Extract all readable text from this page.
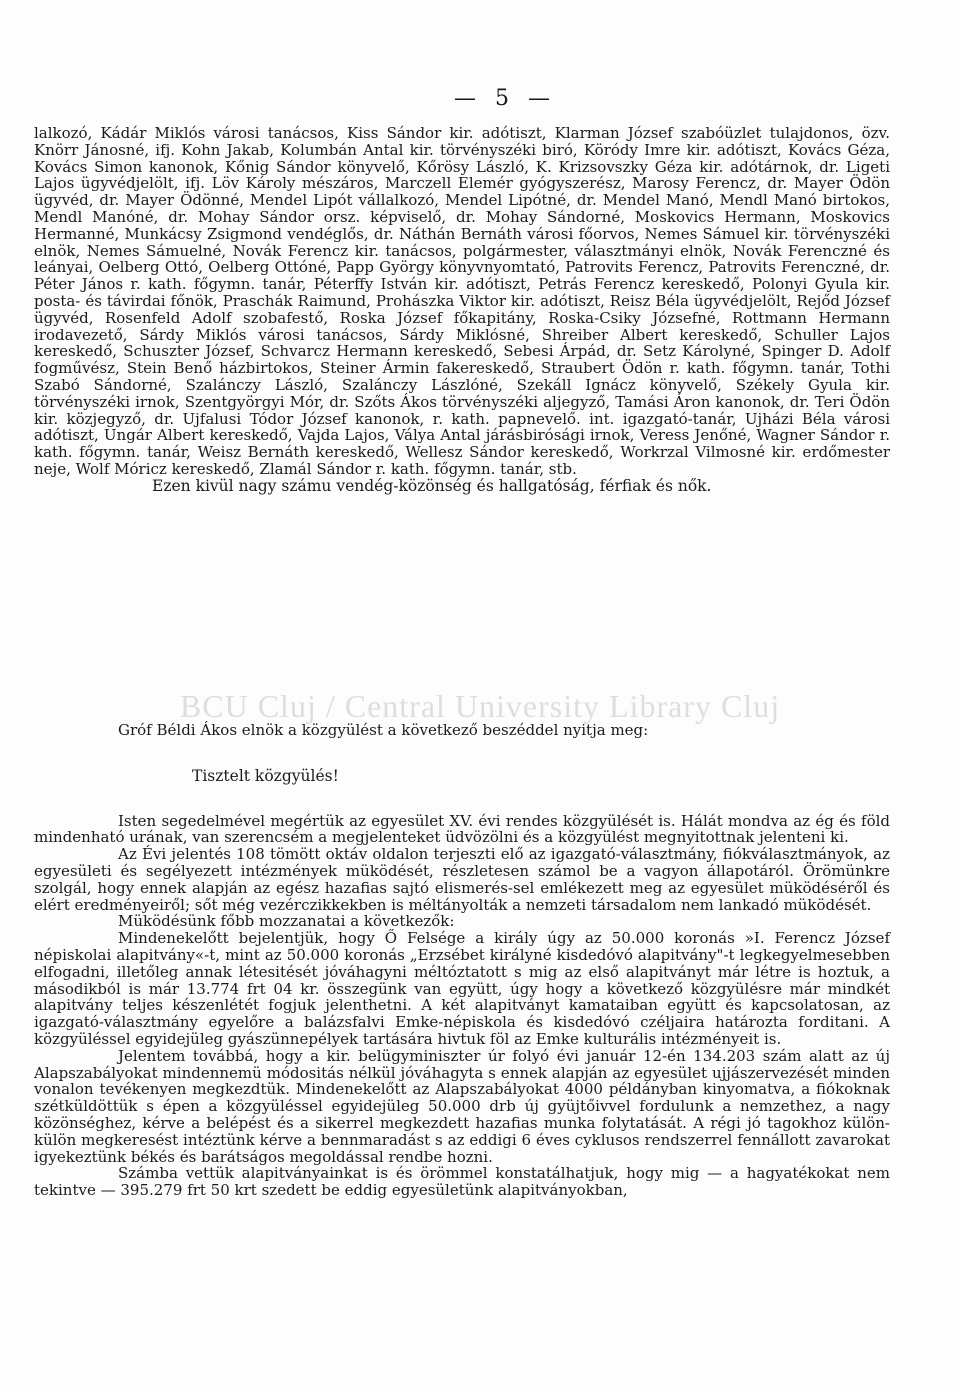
— 5 —

lalkozó, Kádár Miklós városi tanácsos, Kiss Sándor kir. adótiszt, Klarman József szabóüzlet tulajdonos, özv. Knörr Jánosné, ifj. Kohn Jakab, Kolumbán Antal kir. törvényszéki biró, Köródy Imre kir. adótiszt, Kovács Géza, Kovács Simon kanonok, Kőnig Sándor könyvelő, Kőrösy László, K. Krizsovszky Géza kir. adótárnok, dr. Ligeti Lajos ügyvédjelölt, ifj. Löv Károly mészáros, Marczell Elemér gyógyszerész, Marosy Ferencz, dr. Mayer Ödön ügyvéd, dr. Mayer Ödönné, Mendel Lipót vállalkozó, Mendel Lipótné, dr. Mendel Manó, Mendl Manó birtokos, Mendl Manóné, dr. Mohay Sándor orsz. képviselő, dr. Mohay Sándorné, Moskovics Hermann, Moskovics Hermanné, Munkácsy Zsigmond vendéglős, dr. Náthán Bernáth városi főorvos, Nemes Sámuel kir. törvényszéki elnök, Nemes Sámuelné, Novák Ferencz kir. tanácsos, polgármester, választmányi elnök, Novák Ferenczné és leányai, Oelberg Ottó, Oelberg Ottóné, Papp György könyvnyomtató, Patrovits Ferencz, Patrovits Ferenczné, dr. Péter János r. kath. főgymn. tanár, Péterffy István kir. adótiszt, Petrás Ferencz kereskedő, Polonyi Gyula kir. posta- és távirdai főnök, Praschák Raimund, Prohászka Viktor kir. adótiszt, Reisz Béla ügyvédjelölt, Rejőd József ügyvéd, Rosenfeld Adolf szobafestő, Roska József főkapitány, Roska-Csiky Józsefné, Rottmann Hermann irodavezető, Sárdy Miklós városi tanácsos, Sárdy Miklósné, Shreiber Albert kereskedő, Schuller Lajos kereskedő, Schuszter József, Schvarcz Hermann kereskedő, Sebesi Árpád, dr. Setz Károlyné, Spinger D. Adolf fogművész, Stein Benő házbirtokos, Steiner Ármin fakereskedő, Straubert Ödön r. kath. főgymn. tanár, Tothi Szabó Sándorné, Szalánczy László, Szalánczy Lászlóné, Szekáll Ignácz könyvelő, Székely Gyula kir. törvényszéki irnok, Szentgyörgyi Mór, dr. Szőts Ákos törvényszéki aljegyző, Tamási Áron kanonok, dr. Teri Ödön kir. közjegyző, dr. Ujfalusi Tódor József kanonok, r. kath. papnevelő. int. igazgató-tanár, Ujházi Béla városi adótiszt, Ungár Albert kereskedő, Vajda Lajos, Vályа Antal járásbirósági irnok, Veress Jenőné, Wagner Sándor r. kath. főgymn. tanár, Weisz Bernáth kereskedő, Wellesz Sándor kereskedő, Workrzal Vilmosné kir. erdőmester neje, Wolf Móricz kereskedő, Zlamál Sándor r. kath. főgymn. tanár, stb.

Ezen kivül nagy számu vendég-közönség és hallgatóság, férfiak és nők.

BCU Cluj / Central University Library Cluj

Gróf Béldi Ákos elnök a közgyülést a következő beszéddel nyitja meg:

Tisztelt közgyülés!

Isten segedelmével megértük az egyesület XV. évi rendes közgyülését is. Hálát mondva az ég és föld mindenható urának, van szerencsém a megjelenteket üdvözölni és a közgyülést megnyitottnak jelenteni ki.

Az Évi jelentés 108 tömött oktáv oldalon terjeszti elő az igazgató-választmány, fiókválasztmányok, az egyesületi és segélyezett intézmények müködését, részletesen számol be a vagyon állapotáról. Örömünkre szolgál, hogy ennek alapján az egész hazafias sajtó elismerés-sel emlékezett meg az egyesület müködéséről és elért eredményeiről; sőt még vezérczikkekben is méltányolták a nemzeti társadalom nem lankadó müködését.

Müködésünk főbb mozzanatai a következők:

Mindenekelőtt bejelentjük, hogy Ő Felsége a király úgy az 50.000 koronás »I. Ferencz József népiskolai alapitvány«-t, mint az 50.000 koronás „Erzsébet királyné kisdedóvó alapitvány"-t legkegyelmesebben elfogadni, illetőleg annak létesitését jóváhagyni méltóztatott s mig az első alapitványt már létre is hoztuk, a másodikból is már 13.774 frt 04 kr. összegünk van együtt, úgy hogy a következő közgyülésre már mindkét alapitvány teljes készenlétét fogjuk jelenthetni. A két alapitványt kamataiban együtt és kapcsolatosan, az igazgató-választmány egyelőre a balázsfalvi Emke-népiskola és kisdedóvó czéljaira határozta forditani. A közgyüléssel egyidejüleg gyászünnepélyek tartására hivtuk föl az Emke kulturális intézményeit is.

Jelentem továbbá, hogy a kir. belügyminiszter úr folyó évi január 12-én 134.203 szám alatt az új Alapszabályokat mindennemü módositás nélkül jóváhagyta s ennek alapján az egyesület ujjászervezését minden vonalon tevékenyen megkezdtük. Mindenekelőtt az Alapszabályokat 4000 példányban kinyomatva, a fiókoknak szétküldöttük s épen a közgyüléssel egyidejüleg 50.000 drb új gyüjtőivvel fordulunk a nemzethez, a nagy közönséghez, kérve a belépést és a sikerrel megkezdett hazafias munka folytatását. A régi jó tagokhoz külön-külön megkeresést intéztünk kérve a bennmaradást s az eddigi 6 éves cyklusos rendszerrel fennállott zavarokat igyekeztünk békés és barátságos megoldással rendbe hozni.

Számba vettük alapitványainkat is és örömmel konstatálhatjuk, hogy mig — a hagyatékokat nem tekintve — 395.279 frt 50 krt szedett be eddig egyesületünk alapitványokban,
